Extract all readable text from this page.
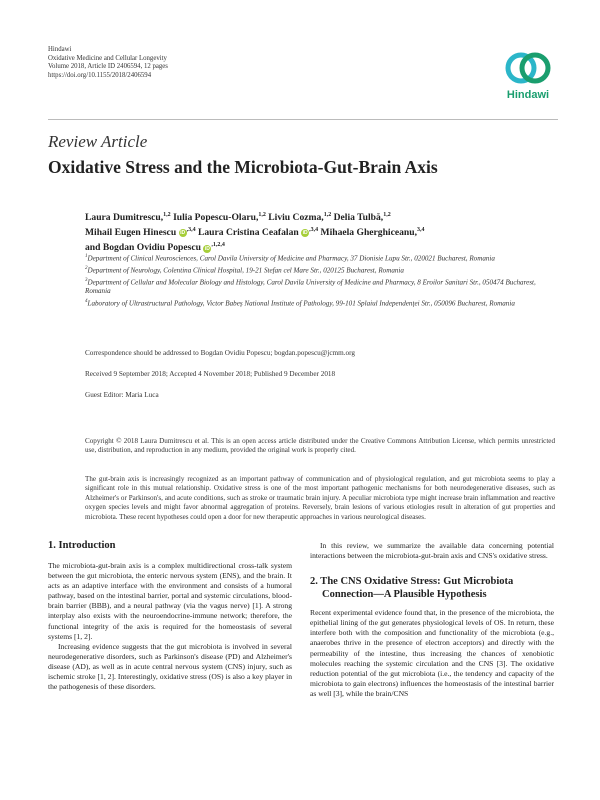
Hindawi
Oxidative Medicine and Cellular Longevity
Volume 2018, Article ID 2406594, 12 pages
https://doi.org/10.1155/2018/2406594
Hindawi
Review Article
Oxidative Stress and the Microbiota-Gut-Brain Axis
Laura Dumitrescu,$^{1,2}$ Iulia Popescu-Olaru,$^{1,2}$ Liviu Cozma,$^{1,2}$ Delia Tulbă,$^{1,2}$
Mihail Eugen Hinescu $iD^{,3,4}$ Laura Cristina Ceafalan $iD^{,3,4}$ Mihaela Gherghiceanu,$^{3,4}$
and Bogdan Ovidiu Popescu $iD^{,1,2,4}$

$^1$Department of Clinical Neurosciences, Carol Davila University of Medicine and Pharmacy, 37 Dionisie Lupu Str., 020021 Bucharest, Romania

$^2$Department of Neurology, Colentina Clinical Hospital, 19-21 Stefan cel Mare Str., 020125 Bucharest, Romania

$^3$Department of Cellular and Molecular Biology and Histology, Carol Davila University of Medicine and Pharmacy, 8 Eroilor Sanitari Str., 050474 Bucharest, Romania

$^4$Laboratory of Ultrastructural Pathology, Victor Babeș National Institute of Pathology, 99-101 Splaiul Independenței Str., 050096 Bucharest, Romania

Correspondence should be addressed to Bogdan Ovidiu Popescu; bogdan.popescu@jcmm.org
Received 9 September 2018; Accepted 4 November 2018; Published 9 December 2018
Guest Editor: Maria Luca
Copyright © 2018 Laura Dumitrescu et al. This is an open access article distributed under the Creative Commons Attribution License, which permits unrestricted use, distribution, and reproduction in any medium, provided the original work is properly cited.
The gut-brain axis is increasingly recognized as an important pathway of communication and of physiological regulation, and gut microbiota seems to play a significant role in this mutual relationship. Oxidative stress is one of the most important pathogenic mechanisms for both neurodegenerative diseases, such as Alzheimer's or Parkinson's, and acute conditions, such as stroke or traumatic brain injury. A peculiar microbiota type might increase brain inflammation and reactive oxygen species levels and might favor abnormal aggregation of proteins. Reversely, brain lesions of various etiologies result in alteration of gut properties and microbiota. These recent hypotheses could open a door for new therapeutic approaches in various neurological diseases.
1. Introduction

The microbiota-gut-brain axis is a complex multidirectional cross-talk system between the gut microbiota, the enteric nervous system (ENS), and the brain. It acts as an adaptive interface with the environment and consists of a humoral pathway, based on the intestinal barrier, portal and systemic circulations, blood-brain barrier (BBB), and a neural pathway (via the vagus nerve) [1]. A strong interplay also exists with the neuroendocrine-immune network; therefore, the functional integrity of the axis is required for the homeostasis of several systems [1, 2].

Increasing evidence suggests that the gut microbiota is involved in several neurodegenerative disorders, such as Parkinson's disease (PD) and Alzheimer's disease (AD), as well as in acute central nervous system (CNS) injury, such as ischemic stroke [1, 2]. Interestingly, oxidative stress (OS) is also a key player in the pathogenesis of these disorders.

In this review, we summarize the available data concerning potential interactions between the microbiota-gut-brain axis and CNS's oxidative stress.

2. The CNS Oxidative Stress: Gut Microbiota
Connection—A Plausible Hypothesis

Recent experimental evidence found that, in the presence of the microbiota, the epithelial lining of the gut generates physiological levels of OS. In return, these interfere both with the composition and functionality of the microbiota (e.g., anaerobes thrive in the presence of electron acceptors) and directly with the permeability of the intestine, thus increasing the chances of xenobiotic molecules reaching the systemic circulation and the CNS [3]. The oxidative reduction potential of the gut microbiota (i.e., the tendency and capacity of the microbiota to gain electrons) influences the homeostasis of the intestinal barrier as well [3], while the brain/CNS
